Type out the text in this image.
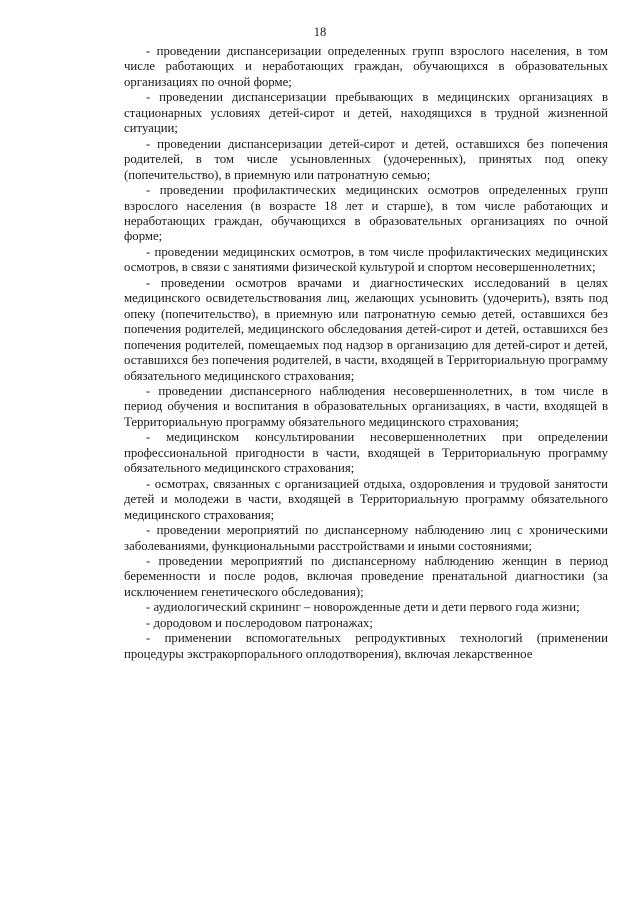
18

- проведении диспансеризации определенных групп взрослого населения, в том числе работающих и неработающих граждан, обучающихся в образовательных организациях по очной форме;

- проведении диспансеризации пребывающих в медицинских организациях в стационарных условиях детей-сирот и детей, находящихся в трудной жизненной ситуации;

- проведении диспансеризации детей-сирот и детей, оставшихся без попечения родителей, в том числе усыновленных (удочеренных), принятых под опеку (попечительство), в приемную или патронатную семью;

- проведении профилактических медицинских осмотров определенных групп взрослого населения (в возрасте 18 лет и старше), в том числе работающих и неработающих граждан, обучающихся в образовательных организациях по очной форме;

- проведении медицинских осмотров, в том числе профилактических медицинских осмотров, в связи с занятиями физической культурой и спортом несовершеннолетних;

- проведении осмотров врачами и диагностических исследований в целях медицинского освидетельствования лиц, желающих усыновить (удочерить), взять под опеку (попечительство), в приемную или патронатную семью детей, оставшихся без попечения родителей, медицинского обследования детей-сирот и детей, оставшихся без попечения родителей, помещаемых под надзор в организацию для детей-сирот и детей, оставшихся без попечения родителей, в части, входящей в Территориальную программу обязательного медицинского страхования;

- проведении диспансерного наблюдения несовершеннолетних, в том числе в период обучения и воспитания в образовательных организациях, в части, входящей в Территориальную программу обязательного медицинского страхования;

- медицинском консультировании несовершеннолетних при определении профессиональной пригодности в части, входящей в Территориальную программу обязательного медицинского страхования;

- осмотрах, связанных с организацией отдыха, оздоровления и трудовой занятости детей и молодежи в части, входящей в Территориальную программу обязательного медицинского страхования;

- проведении мероприятий по диспансерному наблюдению лиц с хроническими заболеваниями, функциональными расстройствами и иными состояниями;

- проведении мероприятий по диспансерному наблюдению женщин в период беременности и после родов, включая проведение пренатальной диагностики (за исключением генетического обследования);

- аудиологический скрининг – новорожденные дети и дети первого года жизни;

- дородовом и послеродовом патронажах;

- применении вспомогательных репродуктивных технологий (применении процедуры экстракорпорального оплодотворения), включая лекарственное
